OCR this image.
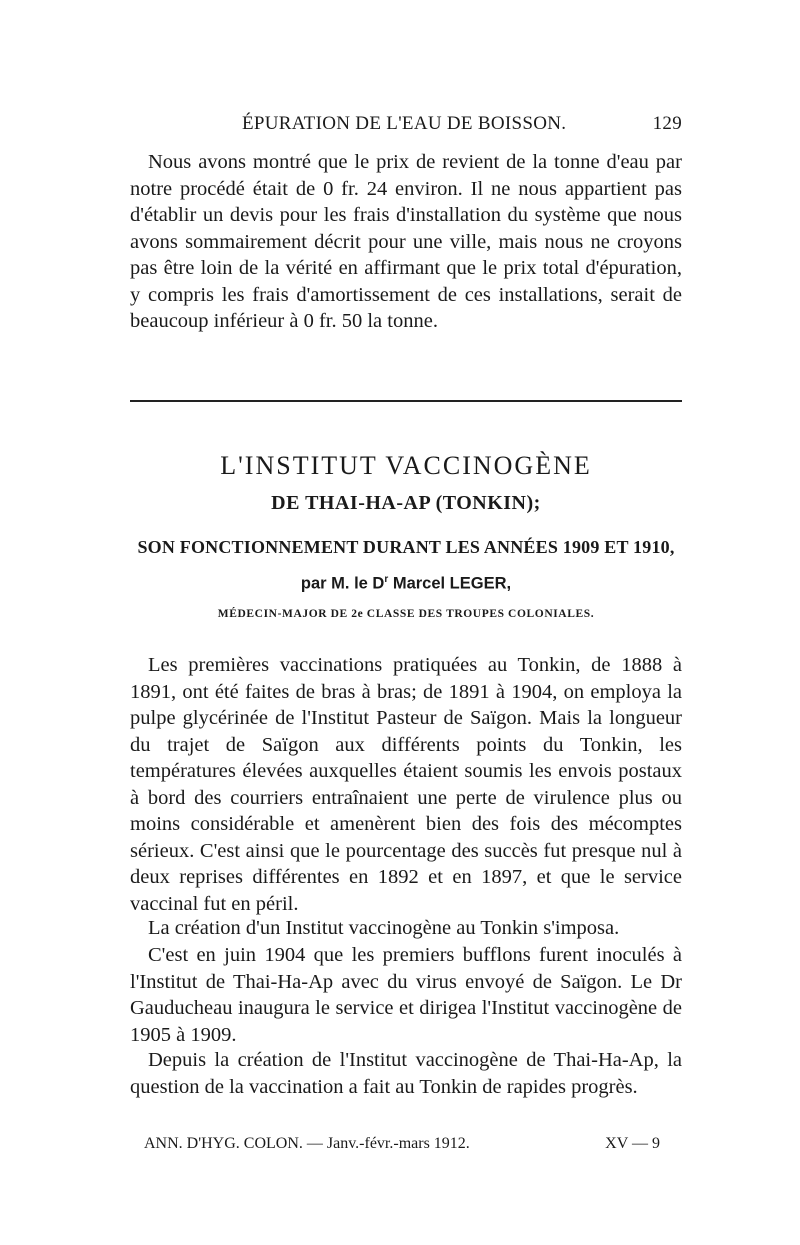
ÉPURATION DE L'EAU DE BOISSON.	129

Nous avons montré que le prix de revient de la tonne d'eau par notre procédé était de 0 fr. 24 environ. Il ne nous appartient pas d'établir un devis pour les frais d'installation du système que nous avons sommairement décrit pour une ville, mais nous ne croyons pas être loin de la vérité en affirmant que le prix total d'épuration, y compris les frais d'amortissement de ces installations, serait de beaucoup inférieur à 0 fr. 50 la tonne.

L'INSTITUT VACCINOGÈNE
DE THAI-HA-AP (TONKIN);
SON FONCTIONNEMENT DURANT LES ANNÉES 1909 ET 1910,
par M. le $D^r$ Marcel LEGER,
MÉDECIN-MAJOR DE 2e CLASSE DES TROUPES COLONIALES.

Les premières vaccinations pratiquées au Tonkin, de 1888 à 1891, ont été faites de bras à bras; de 1891 à 1904, on employa la pulpe glycérinée de l'Institut Pasteur de Saïgon. Mais la longueur du trajet de Saïgon aux différents points du Tonkin, les températures élevées auxquelles étaient soumis les envois postaux à bord des courriers entraînaient une perte de virulence plus ou moins considérable et amenèrent bien des fois des mécomptes sérieux. C'est ainsi que le pourcentage des succès fut presque nul à deux reprises différentes en 1892 et en 1897, et que le service vaccinal fut en péril.

La création d'un Institut vaccinogène au Tonkin s'imposa.

C'est en juin 1904 que les premiers bufflons furent inoculés à l'Institut de Thai-Ha-Ap avec du virus envoyé de Saïgon. Le Dr Gauducheau inaugura le service et dirigea l'Institut vaccinogène de 1905 à 1909.

Depuis la création de l'Institut vaccinogène de Thai-Ha-Ap, la question de la vaccination a fait au Tonkin de rapides progrès.

ANN. D'HYG. COLON. — Janv.-févr.-mars 1912.	XV — 9
